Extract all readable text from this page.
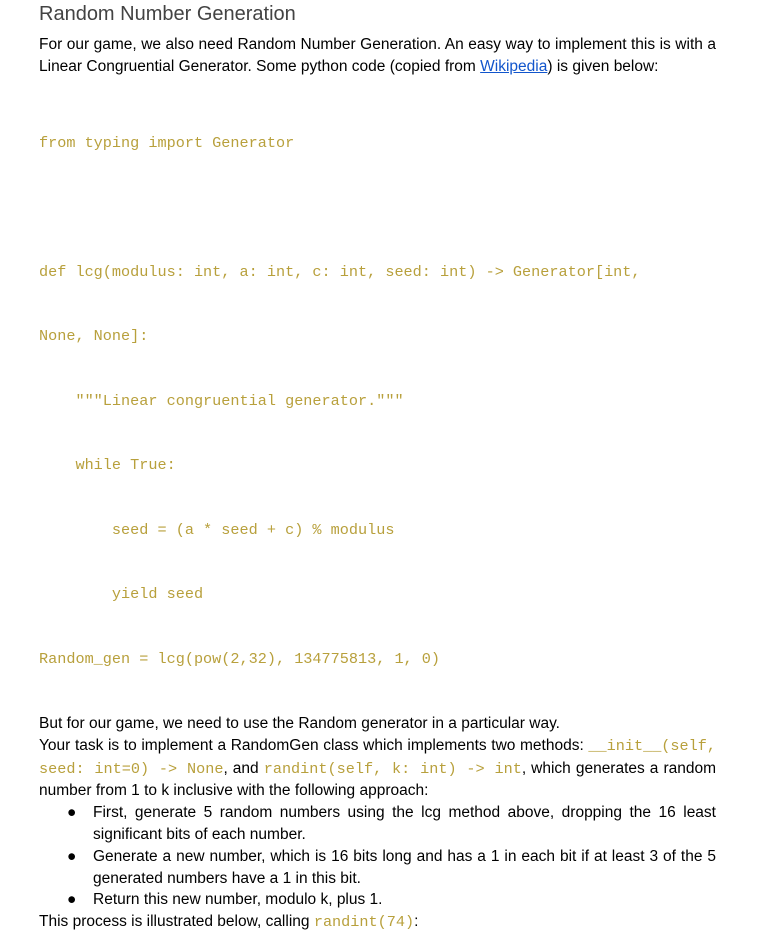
Random Number Generation
For our game, we also need Random Number Generation. An easy way to implement this is with a Linear Congruential Generator. Some python code (copied from Wikipedia) is given below:

from typing import Generator

def lcg(modulus: int, a: int, c: int, seed: int) -> Generator[int,

None, None]:

"""Linear congruential generator."""

while True:

seed = (a * seed + c) % modulus

yield seed

Random_gen = lcg(pow(2,32), 134775813, 1, 0)

But for our game, we need to use the Random generator in a particular way.
Your task is to implement a RandomGen class which implements two methods: __init__(self, seed: int=0) -> None, and randint(self, k: int) -> int, which generates a random number from 1 to k inclusive with the following approach:
● First, generate 5 random numbers using the lcg method above, dropping the 16 least significant bits of each number.
● Generate a new number, which is 16 bits long and has a 1 in each bit if at least 3 of the 5 generated numbers have a 1 in this bit.
● Return this new number, modulo k, plus 1.
This process is illustrated below, calling randint(74):
